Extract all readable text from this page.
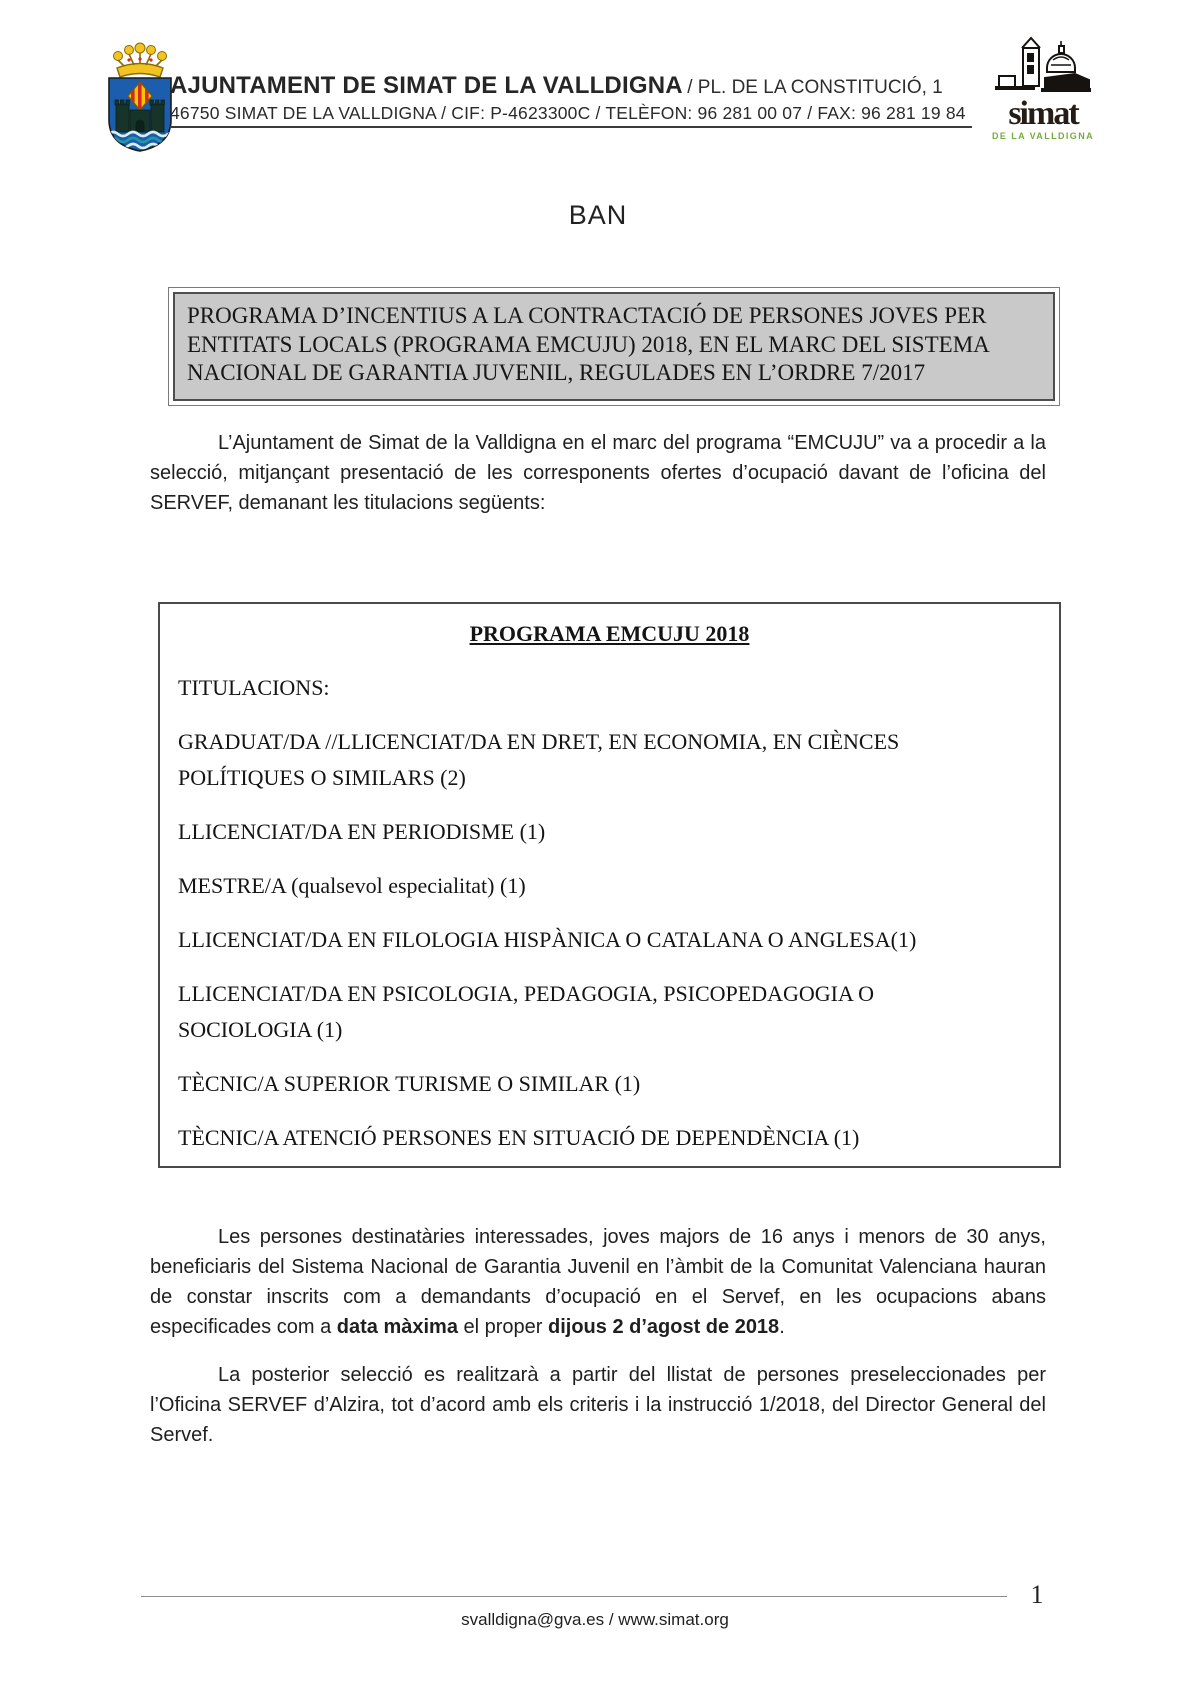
AJUNTAMENT DE SIMAT DE LA VALLDIGNA / PL. DE LA CONSTITUCIÓ, 1
46750 SIMAT DE LA VALLDIGNA / CIF: P-4623300C / TELÈFON: 96 281 00 07 / FAX: 96 281 19 84	simat
DE LA VALLDIGNA
BAN
PROGRAMA D’INCENTIUS A LA CONTRACTACIÓ DE PERSONES JOVES PER
ENTITATS LOCALS (PROGRAMA EMCUJU) 2018, EN EL MARC DEL SISTEMA
NACIONAL DE GARANTIA JUVENIL, REGULADES EN L’ORDRE 7/2017

L’Ajuntament de Simat de la Valldigna en el marc del programa “EMCUJU” va a procedir a la selecció, mitjançant presentació de les corresponents ofertes d’ocupació davant de l’oficina del SERVEF, demanant les titulacions següents:

PROGRAMA EMCUJU 2018
TITULACIONS:
GRADUAT/DA //LLICENCIAT/DA EN DRET, EN ECONOMIA, EN CIÈNCES
POLÍTIQUES O SIMILARS (2)
LLICENCIAT/DA EN PERIODISME (1)
MESTRE/A (qualsevol especialitat) (1)
LLICENCIAT/DA EN FILOLOGIA HISPÀNICA O CATALANA O ANGLESA(1)
LLICENCIAT/DA EN PSICOLOGIA, PEDAGOGIA, PSICOPEDAGOGIA O
SOCIOLOGIA (1)
TÈCNIC/A SUPERIOR TURISME O SIMILAR (1)
TÈCNIC/A ATENCIÓ PERSONES EN SITUACIÓ DE DEPENDÈNCIA (1)

Les persones destinatàries interessades, joves majors de 16 anys i menors de 30 anys, beneficiaris del Sistema Nacional de Garantia Juvenil en l’àmbit de la Comunitat Valenciana hauran de constar inscrits com a demandants d’ocupació en el Servef, en les ocupacions abans especificades com a data màxima el proper dijous 2 d’agost de 2018.

La posterior selecció es realitzarà a partir del llistat de persones preseleccionades per l’Oficina SERVEF d’Alzira, tot d’acord amb els criteris i la instrucció 1/2018, del Director General del Servef.

1
svalldigna@gva.es / www.simat.org
